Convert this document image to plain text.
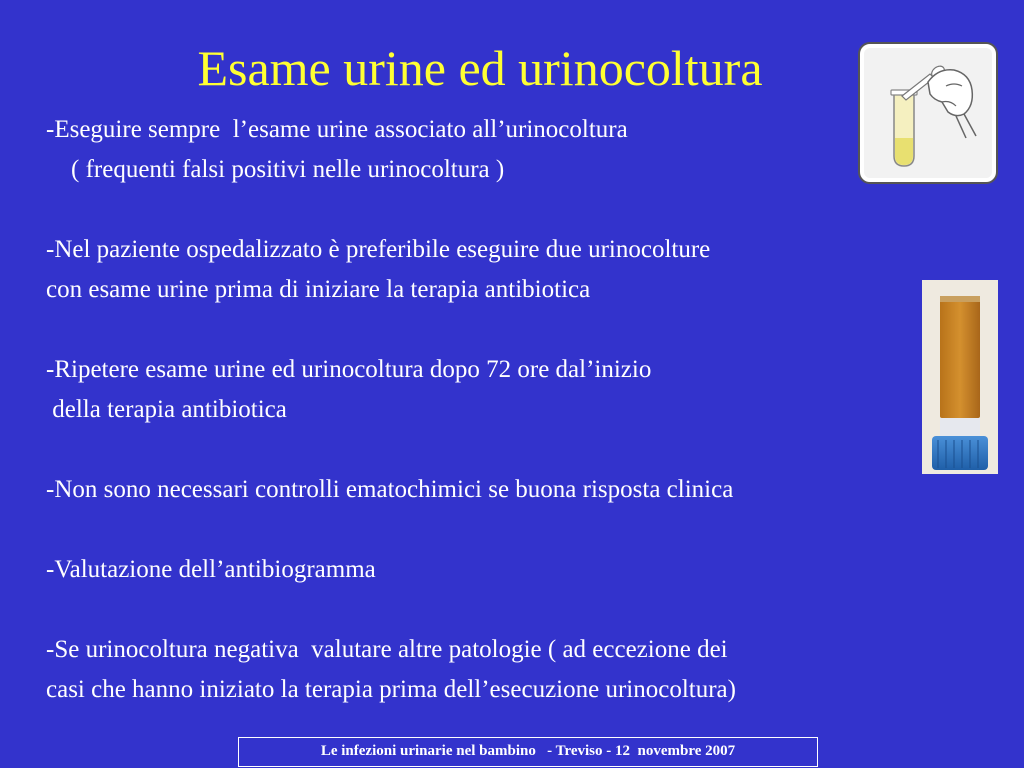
Esame urine ed urinocoltura
-Eseguire sempre  l’esame urine associato all’urinocoltura
( frequenti falsi positivi nelle urinocoltura )
-Nel paziente ospedalizzato è preferibile eseguire due urinocolture
con esame urine prima di iniziare la terapia antibiotica
-Ripetere esame urine ed urinocoltura dopo 72 ore dal’inizio
della terapia antibiotica
-Non sono necessari controlli ematochimici se buona risposta clinica
-Valutazione dell’antibiogramma
-Se urinocoltura negativa  valutare altre patologie ( ad eccezione dei
casi che hanno iniziato la terapia prima dell’esecuzione urinocoltura)
Le infezioni urinarie nel bambino   - Treviso - 12  novembre 2007
